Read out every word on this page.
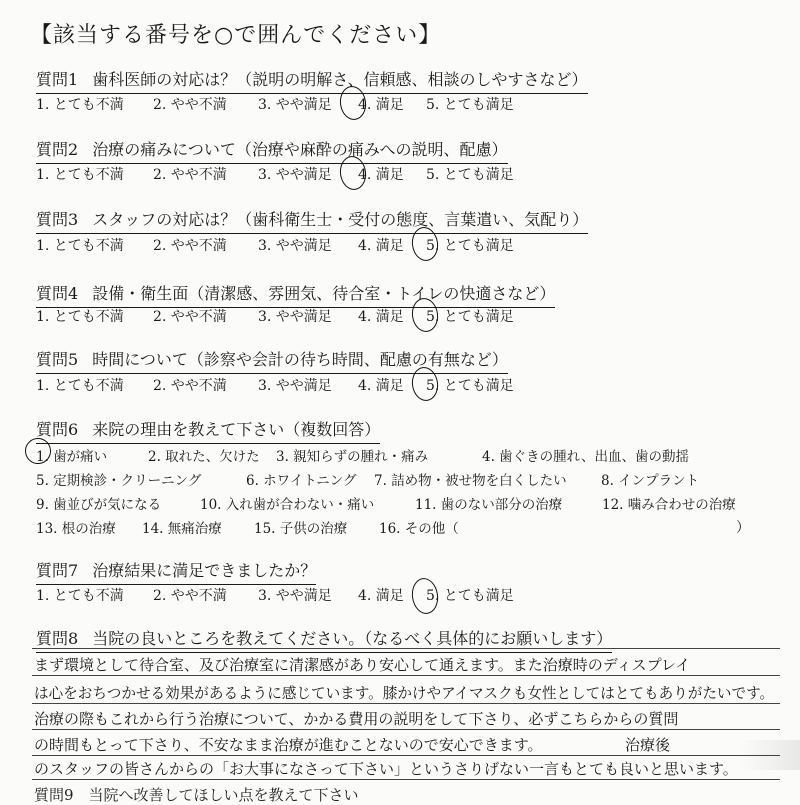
【該当する番号を○で囲んでください】
質問1 歯科医師の対応は？（説明の明解さ、信頼感、相談のしやすさなど）
1. とても不満 2. やや不満 3. やや満足 4. 満足 5. とても満足
質問2 治療の痛みについて（治療や麻酔の痛みへの説明、配慮）
1. とても不満 2. やや不満 3. やや満足 4. 満足 5. とても満足
質問3 スタッフの対応は？（歯科衛生士・受付の態度、言葉遣い、気配り）
1. とても不満 2. やや不満 3. やや満足 4. 満足 5. とても満足
質問4 設備・衛生面（清潔感、雰囲気、待合室・トイレの快適さなど）
1. とても不満 2. やや不満 3. やや満足 4. 満足 5. とても満足
質問5 時間について（診察や会計の待ち時間、配慮の有無など）
1. とても不満 2. やや不満 3. やや満足 4. 満足 5. とても満足
質問6 来院の理由を教えて下さい（複数回答）
1. 歯が痛い	2. 取れた、欠けた 3. 親知らずの腫れ・痛み	4. 歯ぐきの腫れ、出血、歯の動揺
5. 定期検診・クリーニング	6. ホワイトニング 7. 詰め物・被せ物を白くしたい	8. インプラント
9. 歯並びが気になる	10. 入れ歯が合わない・痛い	11. 歯のない部分の治療	12. 噛み合わせの治療
13. 根の治療 14. 無痛治療 15. 子供の治療 16. その他（	）
質問7 治療結果に満足できましたか？
1. とても不満 2. やや不満 3. やや満足 4. 満足 5. とても満足
質問8 当院の良いところを教えてください。（なるべく具体的にお願いします）
まず環境として待合室、及び治療室に清潔感があり安心して通えます。また治療時のディスプレイ
は心をおちつかせる効果があるように感じています。膝かけやアイマスクも女性としてはとてもありがたいです。
治療の際もこれから行う治療について、かかる費用の説明をして下さり、必ずこちらからの質問
の時間もとって下さり、不安なまま治療が進むことないので安心できます。　　　　　　治療後
のスタッフの皆さんからの「お大事になさって下さい」というさりげない一言もとても良いと思います。
質問9　当院へ改善してほしい点を教えて下さい
